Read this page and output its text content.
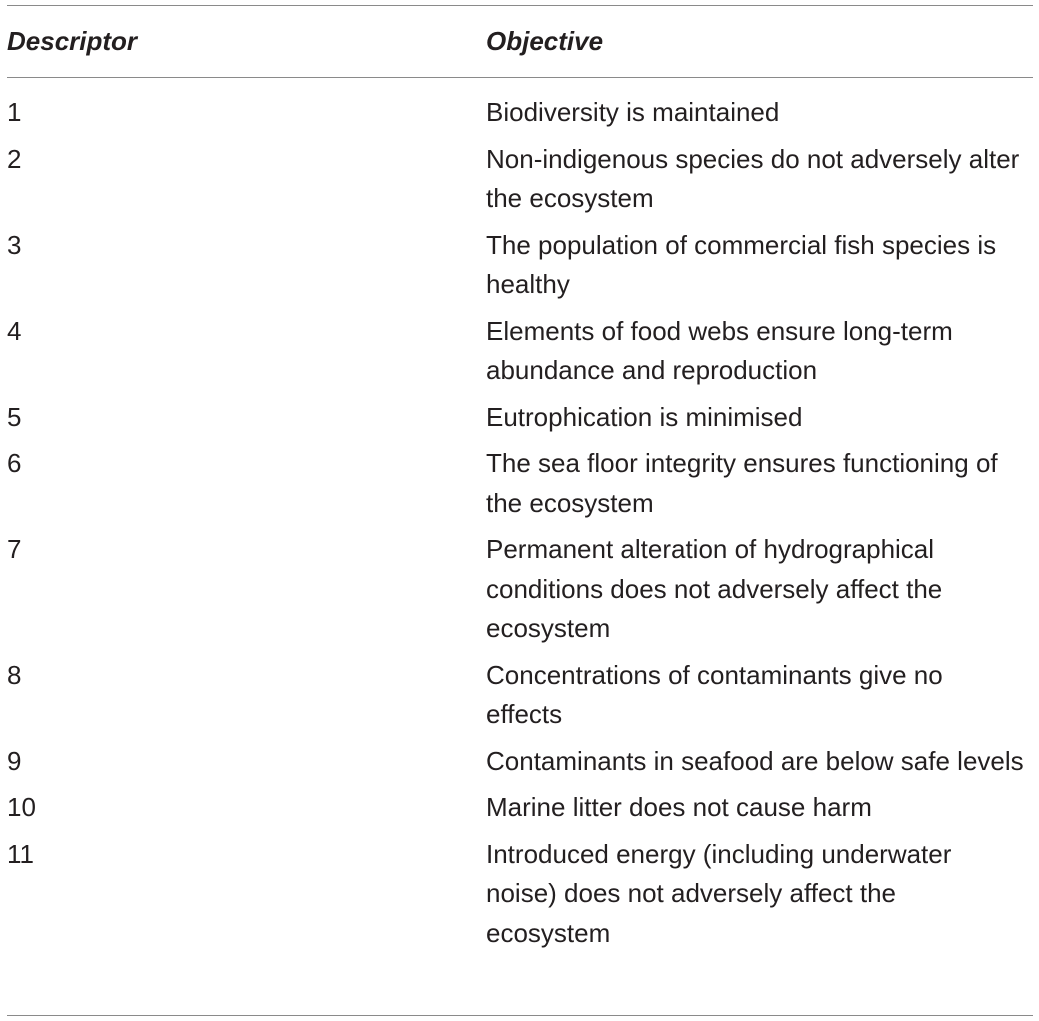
Descriptor	Objective
1	Biodiversity is maintained
2	Non-indigenous species do not adversely alter the ecosystem
3	The population of commercial fish species is healthy
4	Elements of food webs ensure long-term abundance and reproduction
5	Eutrophication is minimised
6	The sea floor integrity ensures functioning of the ecosystem
7	Permanent alteration of hydrographical conditions does not adversely affect the ecosystem
8	Concentrations of contaminants give no effects
9	Contaminants in seafood are below safe levels
10	Marine litter does not cause harm
11	Introduced energy (including underwater noise) does not adversely affect the ecosystem
